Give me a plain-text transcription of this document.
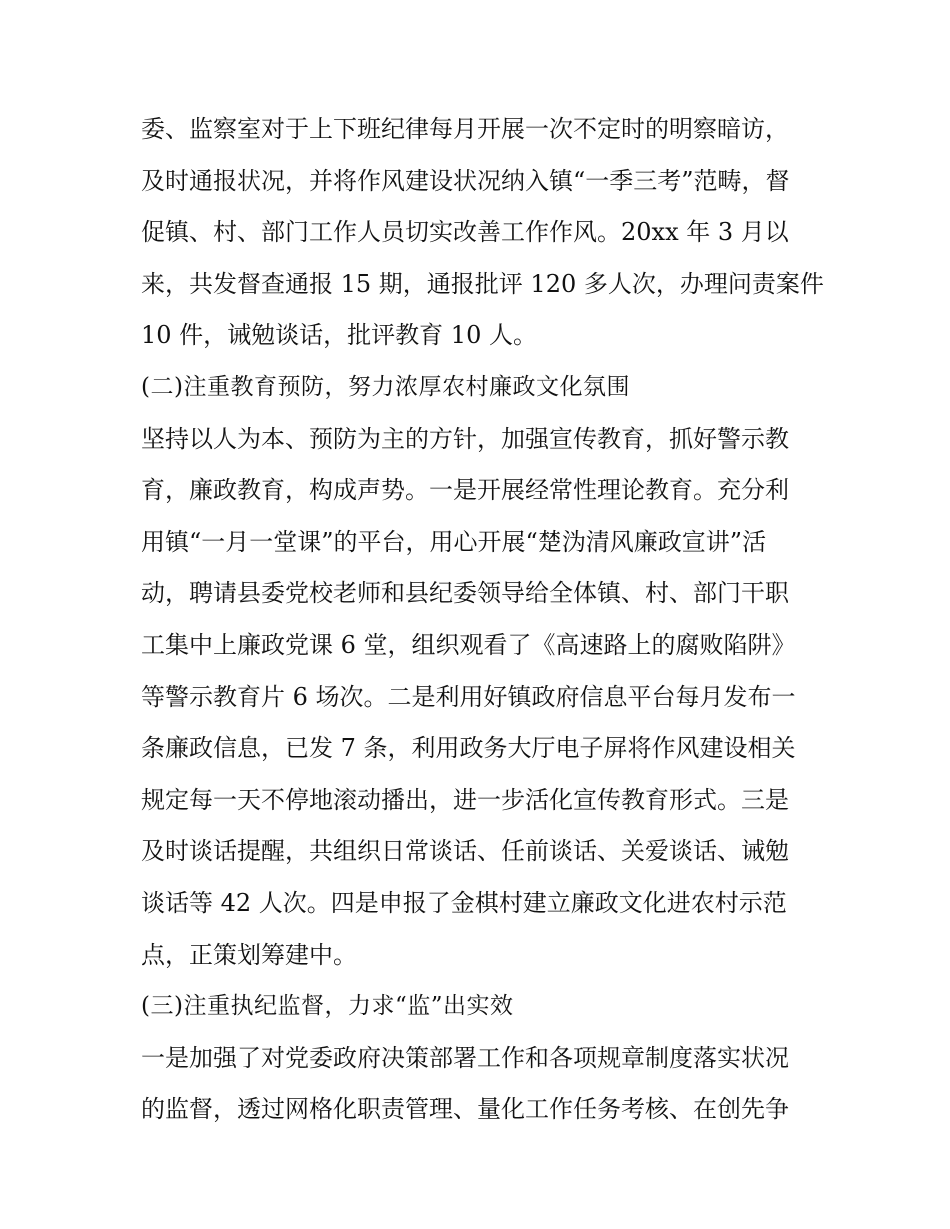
委、监察室对于上下班纪律每月开展一次不定时的明察暗访，
及时通报状况，并将作风建设状况纳入镇“一季三考”范畴，督
促镇、村、部门工作人员切实改善工作作风。20xx 年 3 月以
来，共发督查通报 15 期，通报批评 120 多人次，办理问责案件
10 件，诫勉谈话，批评教育 10 人。
(二)注重教育预防，努力浓厚农村廉政文化氛围
坚持以人为本、预防为主的方针，加强宣传教育，抓好警示教
育，廉政教育，构成声势。一是开展经常性理论教育。充分利
用镇“一月一堂课”的平台，用心开展“楚沩清风廉政宣讲”活
动，聘请县委党校老师和县纪委领导给全体镇、村、部门干职
工集中上廉政党课 6 堂，组织观看了《高速路上的腐败陷阱》
等警示教育片 6 场次。二是利用好镇政府信息平台每月发布一
条廉政信息，已发 7 条，利用政务大厅电子屏将作风建设相关
规定每一天不停地滚动播出，进一步活化宣传教育形式。三是
及时谈话提醒，共组织日常谈话、任前谈话、关爱谈话、诫勉
谈话等 42 人次。四是申报了金棋村建立廉政文化进农村示范
点，正策划筹建中。
(三)注重执纪监督，力求“监”出实效
一是加强了对党委政府决策部署工作和各项规章制度落实状况
的监督，透过网格化职责管理、量化工作任务考核、在创先争
